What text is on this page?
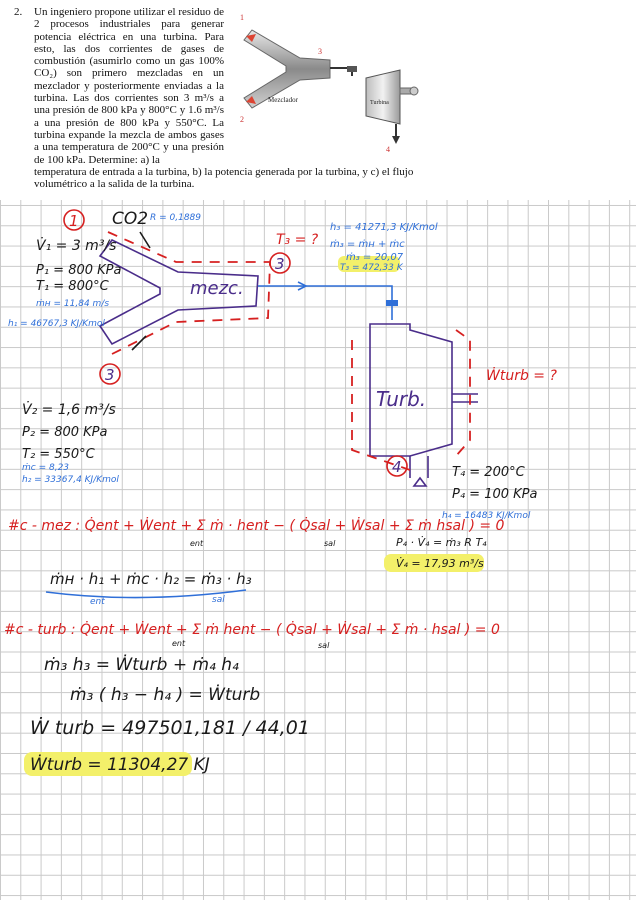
2. Un ingeniero propone utilizar el residuo de 2 procesos industriales para generar potencia eléctrica en una turbina. Para esto, las dos corrientes de gases de combustión (asumirlo como un gas 100% CO₂) son primero mezcladas en un mezclador y posteriormente enviadas a la turbina. Las dos corrientes son 3 m³/s a una presión de 800 kPa y 800°C y 1.6 m³/s a una presión de 800 kPa y 550°C. La turbina expande la mezcla de ambos gases a una temperatura de 200°C y una presión de 100 kPa. Determine: a) la
temperatura de entrada a la turbina, b) la potencia generada por la turbina, y c) el flujo volumétrico a la salida de la turbina.
1
2
3
4
Mezclador	Turbina
1
3
3
4
CO2 R = 0,1889
T₃ = ?
h₃ = 41271,3 KJ/Kmol
ṁ₃ = ṁн + ṁc
ṁ₃ = 20,07
T₃ = 472,33 K
V̇₁ = 3 m³/s
P₁ = 800 KPa
T₁ = 800°C
ṁн = 11,84 m/s
h₁ = 46767,3 KJ/Kmol
mezc.
Turb.
Ẇturb = ?
V̇₂ = 1,6 m³/s
P₂ = 800 KPa
T₂ = 550°C
ṁc = 8,23
h₂ = 33367,4 KJ/Kmol	T₄ = 200°C
P₄ = 100 KPa
h₄ = 16483 KJ/Kmol
#c - mez : Q̇ent + Ẇent + Σ ṁ · hent − ( Q̇sal + Ẇsal + Σ ṁ hsal ) = 0
ent	sal	P₄ · V̇₄ = ṁ₃ R T₄
V̇₄ = 17,93 m³/s
ṁн · h₁ + ṁc · h₂ = ṁ₃ · h₃
ent	sal
#c - turb : Q̇ent + Ẇent + Σ ṁ hent − ( Q̇sal + Ẇsal + Σ ṁ · hsal ) = 0
ent	sal
ṁ₃ h₃ = Ẇturb + ṁ₄ h₄
ṁ₃ ( h₃ − h₄ ) = Ẇturb
Ẇ turb = 497501,181 / 44,01
Ẇturb = 11304,27 KJ
